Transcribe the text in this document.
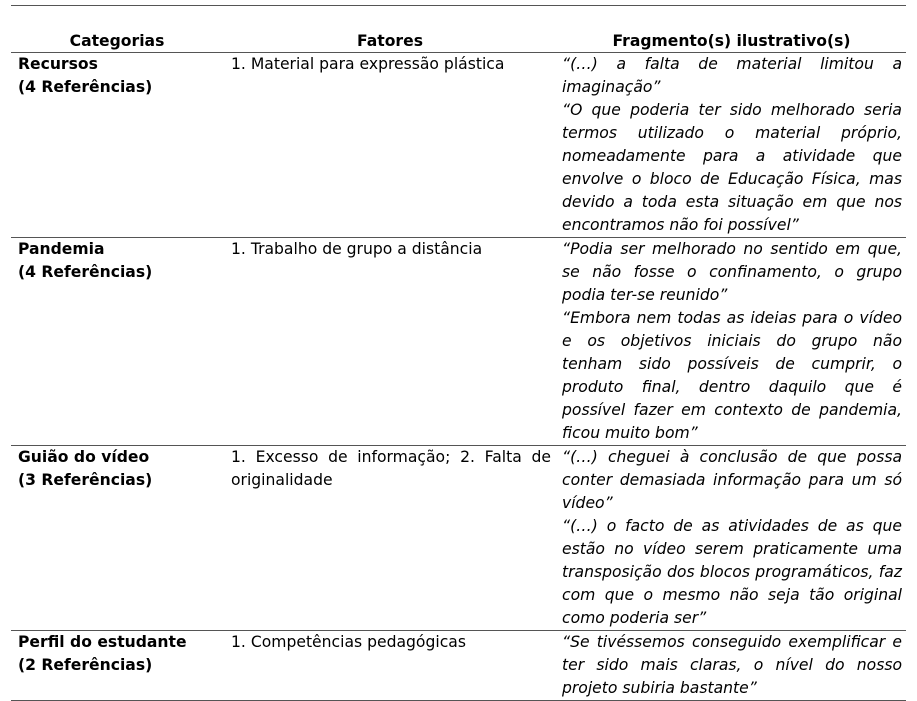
Categorias	Fatores	Fragmento(s) ilustrativo(s)

Recursos
(4 Referências)	1. Material para expressão plástica	“(…) a falta de material limitou a imaginação”
“O que poderia ter sido melhorado seria termos utilizado o material próprio, nomeadamente para a atividade que envolve o bloco de Educação Física, mas devido a toda esta situação em que nos encontramos não foi possível”

Pandemia
(4 Referências)	1. Trabalho de grupo a distância	“Podia ser melhorado no sentido em que, se não fosse o confinamento, o grupo podia ter-se reunido”
“Embora nem todas as ideias para o vídeo e os objetivos iniciais do grupo não tenham sido possíveis de cumprir, o produto final, dentro daquilo que é possível fazer em contexto de pandemia, ficou muito bom”

Guião do vídeo
(3 Referências)	1. Excesso de informação; 2. Falta de originalidade	“(…) cheguei à conclusão de que possa conter demasiada informação para um só vídeo”
“(…) o facto de as atividades de as que estão no vídeo serem praticamente uma transposição dos blocos programáticos, faz com que o mesmo não seja tão original como poderia ser”

Perfil do estudante
(2 Referências)	1. Competências pedagógicas	“Se tivéssemos conseguido exemplificar e ter sido mais claras, o nível do nosso projeto subiria bastante”
